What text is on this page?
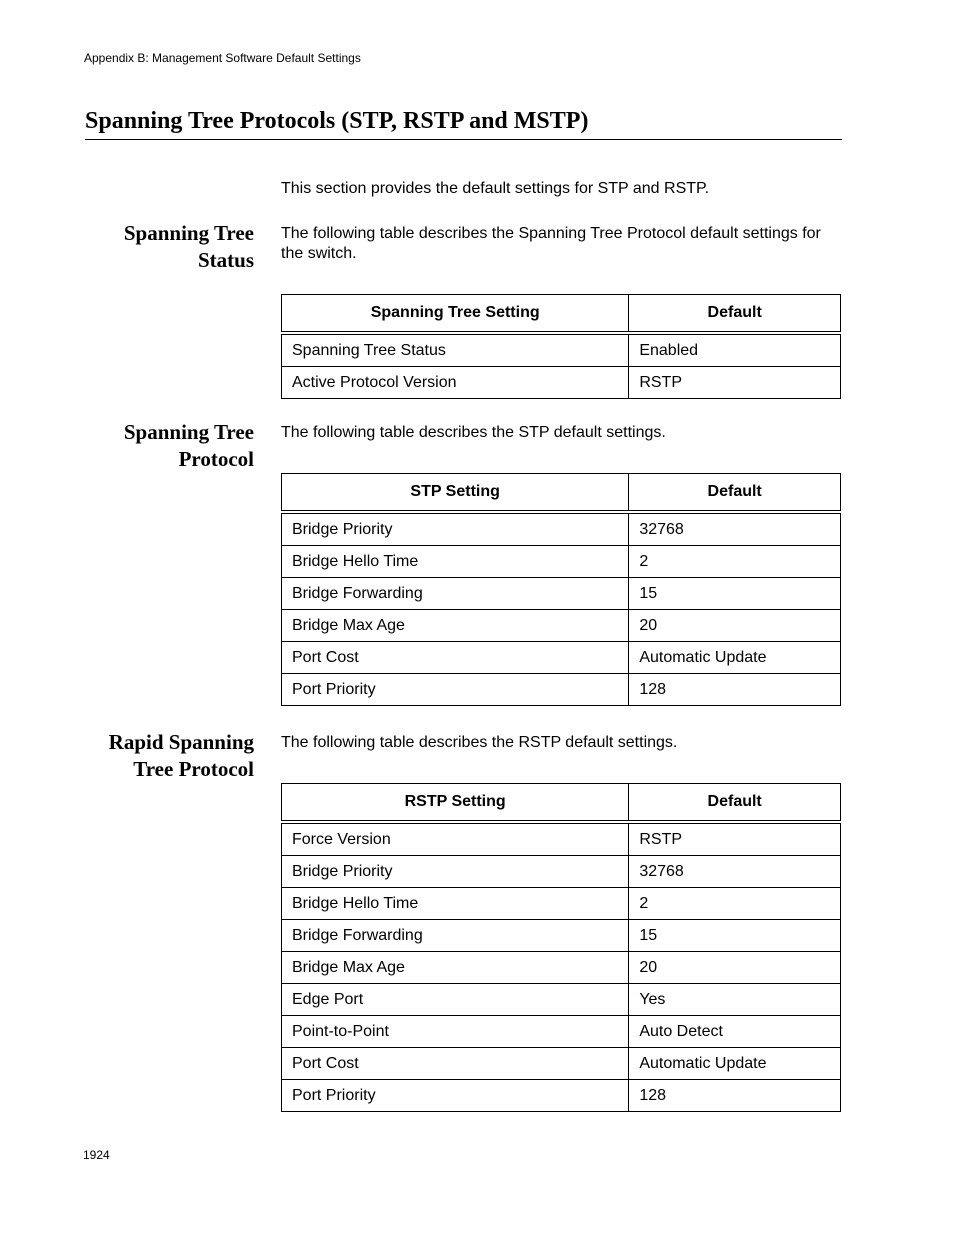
Appendix B: Management Software Default Settings
Spanning Tree Protocols (STP, RSTP and MSTP)

This section provides the default settings for STP and RSTP.

Spanning Tree
Status

The following table describes the Spanning Tree Protocol default settings for the switch.

Spanning Tree Setting	Default
Spanning Tree Status	Enabled
Active Protocol Version	RSTP
Spanning Tree
Protocol

The following table describes the STP default settings.

STP Setting	Default
Bridge Priority	32768
Bridge Hello Time	2
Bridge Forwarding	15
Bridge Max Age	20
Port Cost	Automatic Update
Port Priority	128
Rapid Spanning
Tree Protocol

The following table describes the RSTP default settings.

RSTP Setting	Default
Force Version	RSTP
Bridge Priority	32768
Bridge Hello Time	2
Bridge Forwarding	15
Bridge Max Age	20
Edge Port	Yes
Point-to-Point	Auto Detect
Port Cost	Automatic Update
Port Priority	128
1924
